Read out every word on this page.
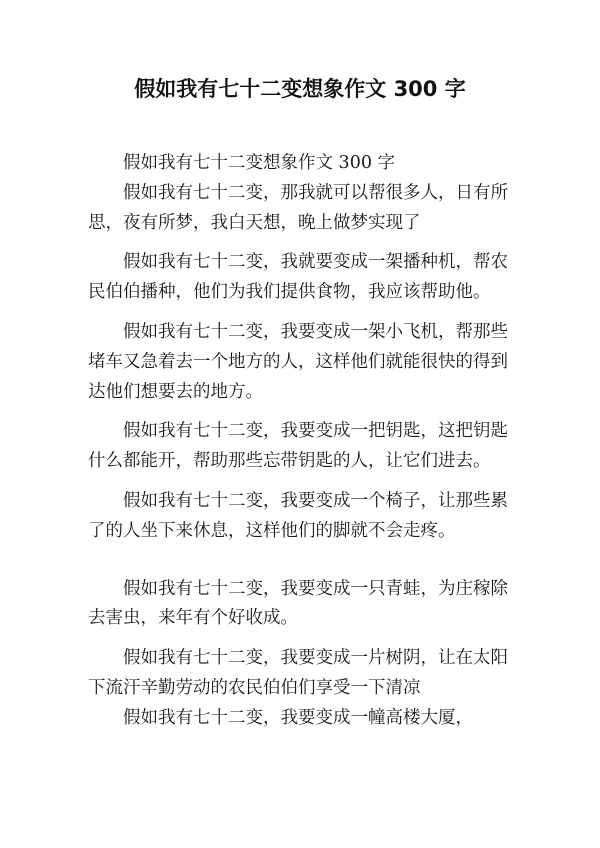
假如我有七十二变想象作文 300 字

假如我有七十二变想象作文 300 字

假如我有七十二变，那我就可以帮很多人，日有所思，夜有所梦，我白天想，晚上做梦实现了

假如我有七十二变，我就要变成一架播种机，帮农民伯伯播种，他们为我们提供食物，我应该帮助他。

假如我有七十二变，我要变成一架小飞机，帮那些堵车又急着去一个地方的人，这样他们就能很快的得到达他们想要去的地方。

假如我有七十二变，我要变成一把钥匙，这把钥匙什么都能开，帮助那些忘带钥匙的人，让它们进去。

假如我有七十二变，我要变成一个椅子，让那些累了的人坐下来休息，这样他们的脚就不会走疼。

假如我有七十二变，我要变成一只青蛙，为庄稼除去害虫，来年有个好收成。

假如我有七十二变，我要变成一片树阴，让在太阳下流汗辛勤劳动的农民伯伯们享受一下清凉

假如我有七十二变，我要变成一幢高楼大厦，
